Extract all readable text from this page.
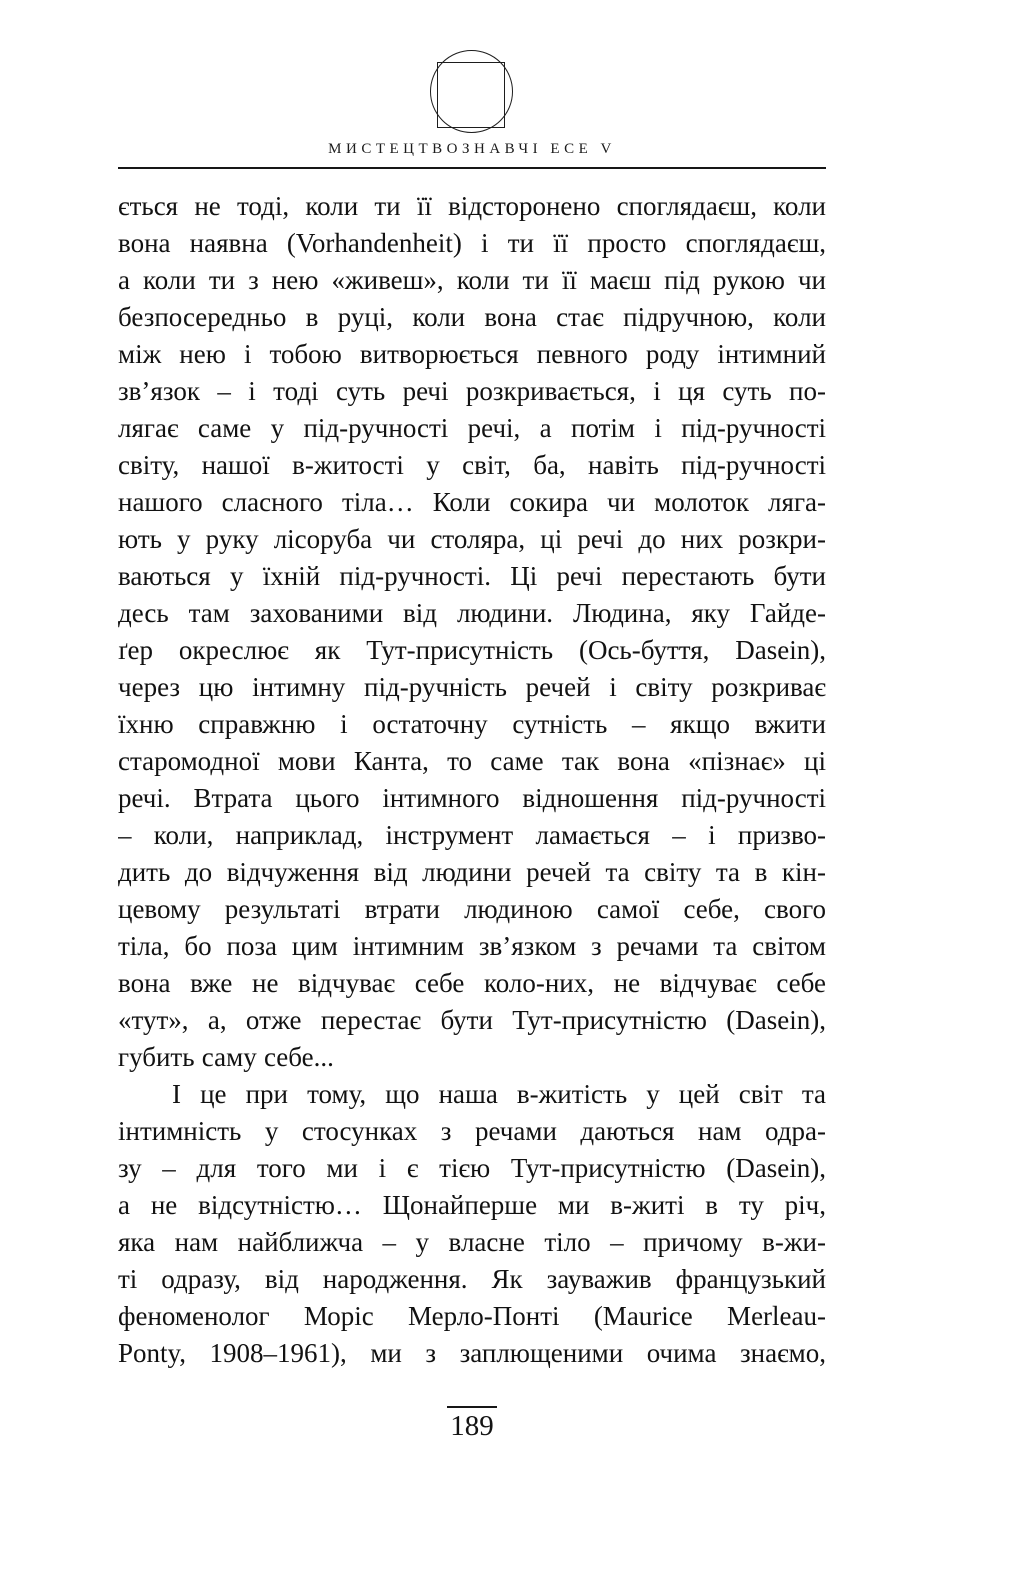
МИСТЕЦТВОЗНАВЧІ ЕСЕ V
ється не тоді, коли ти її відсторонено споглядаєш, коли
вона наявна (Vorhandenheit) і ти її просто споглядаєш,
а коли ти з нею «живеш», коли ти її маєш під рукою чи
безпосередньо в руці, коли вона стає підручною, коли
між нею і тобою витворюється певного роду інтимний
зв’язок – і тоді суть речі розкривається, і ця суть по-
лягає саме у під-ручності речі, а потім і під-ручності
світу, нашої в-житості у світ, ба, навіть під-ручності
нашого сласного тіла… Коли сокира чи молоток ляга-
ють у руку лісоруба чи столяра, ці речі до них розкри-
ваються у їхній під-ручності. Ці речі перестають бути
десь там захованими від людини. Людина, яку Гайде-
ґер окреслює як Тут-присутність (Ось-буття, Dasein),
через цю інтимну під-ручність речей і світу розкриває
їхню справжню і остаточну сутність – якщо вжити
старомодної мови Канта, то саме так вона «пізнає» ці
речі. Втрата цього інтимного відношення під-ручності
– коли, наприклад, інструмент ламається – і призво-
дить до відчуження від людини речей та світу та в кін-
цевому результаті втрати людиною самої себе, свого
тіла, бо поза цим інтимним зв’язком з речами та світом
вона вже не відчуває себе коло-них, не відчуває себе
«тут», а, отже перестає бути Тут-присутністю (Dasein),
губить саму себе...
І це при тому, що наша в-житість у цей світ та
інтимність у стосунках з речами даються нам одра-
зу – для того ми і є тією Тут-присутністю (Dasein),
а не відсутністю… Щонайперше ми в-житі в ту річ,
яка нам найближча – у власне тіло – причому в-жи-
ті одразу, від народження. Як зауважив французький
феноменолог Моріс Мерло-Понті (Maurice Merleau-
Ponty, 1908–1961), ми з заплющеними очима знаємо,
189
